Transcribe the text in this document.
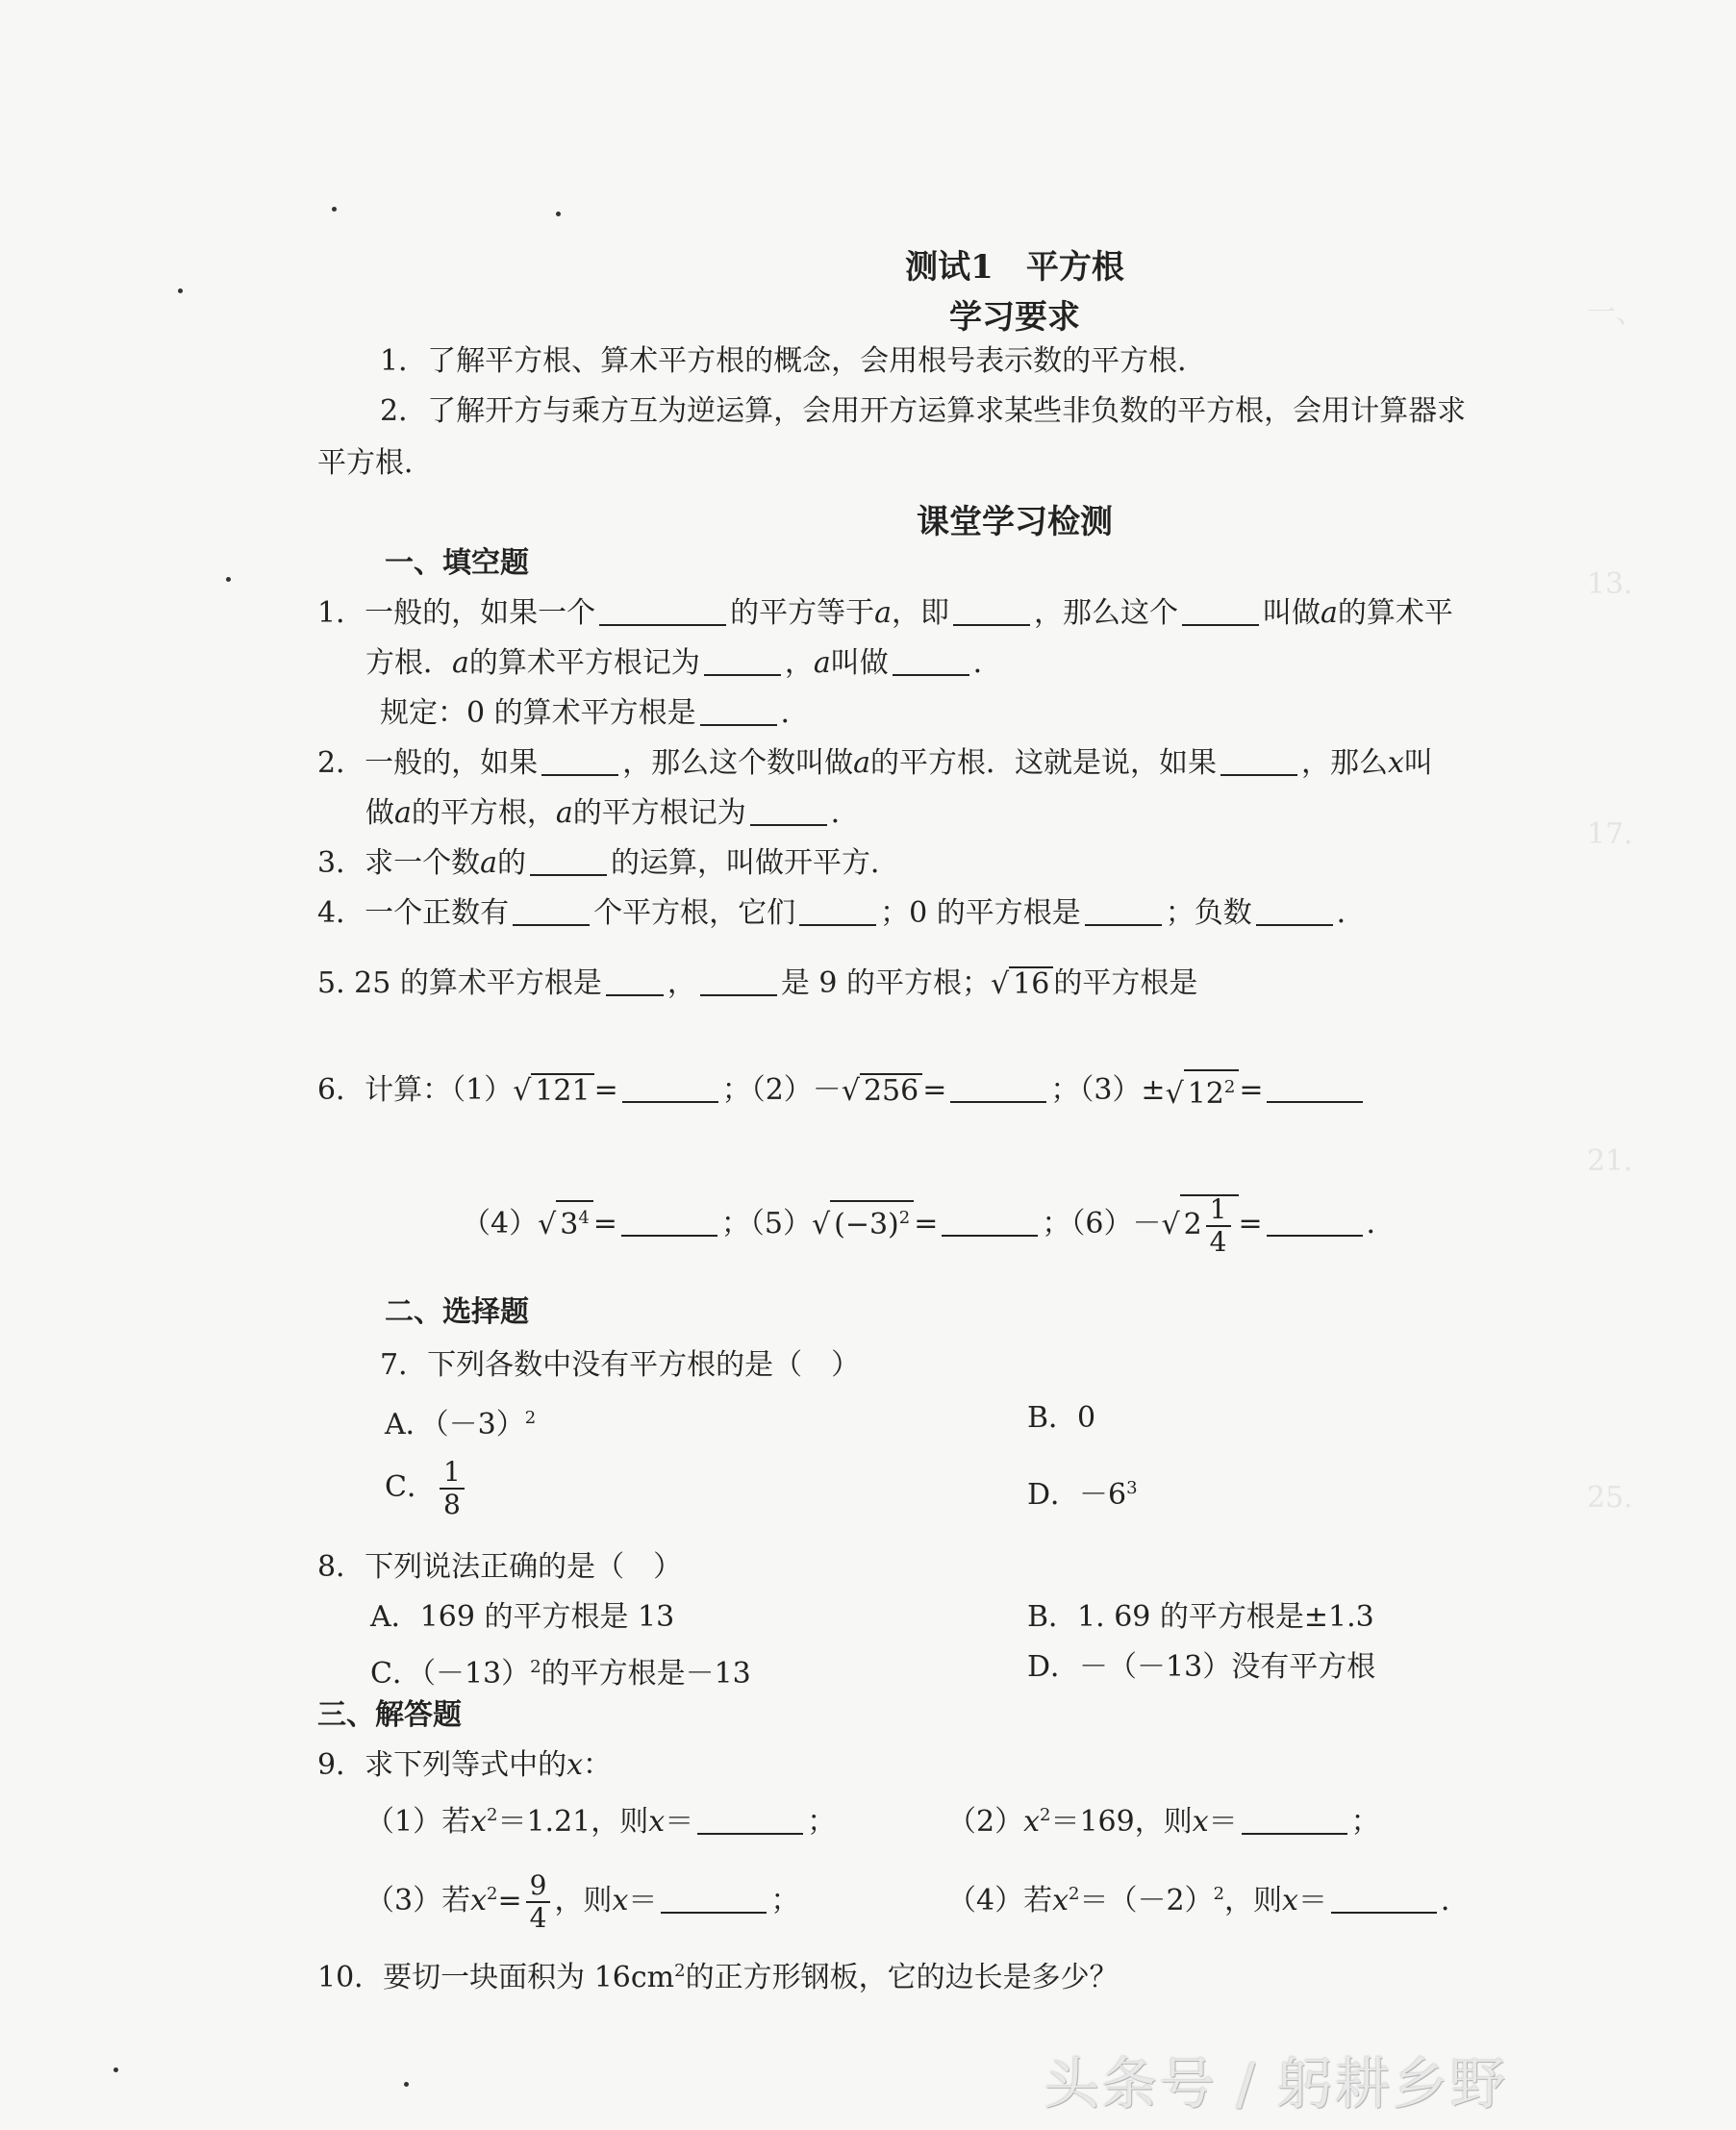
一、
13.
17.
21.
25.
测试1　平方根
学习要求
1．了解平方根、算术平方根的概念，会用根号表示数的平方根．
2．了解开方与乘方互为逆运算，会用开方运算求某些非负数的平方根，会用计算器求
平方根．
课堂学习检测
一、填空题
1．一般的，如果一个	的平方等于a，即	，那么这个	叫做a的算术平
方根．a的算术平方根记为	，a叫做	．
规定：0 的算术平方根是	．
2．一般的，如果	，那么这个数叫做a的平方根．这就是说，如果	，那么x叫
做a的平方根，a的平方根记为	．
3．求一个数a的	的运算，叫做开平方．
4．一个正数有	个平方根，它们	；0 的平方根是	；负数	．
5. 25 的算术平方根是 ，	是 9 的平方根；√ 16 的平方根是
6．计算：（1）√ 121 =	；（2）－√ 256 =	；（3）±√ $12^2$ =
（4）√ $3^4$ =	；（5）√ $(-3)^2$ =	；（6）－√ $2 \frac{1}{4}$ =	．
二、选择题
7．下列各数中没有平方根的是（　）
A．$(-3)^2$	B．0
C． $\frac{1}{8}$	D．$-6^3$
8．下列说法正确的是（　）
A．169 的平方根是 13	B．1. 69 的平方根是±1.3
C．$(-13)^2$的平方根是－13	D．－（－13）没有平方根
三、解答题
9．求下列等式中的x：
（1）若$x^2=1.21$，则x＝	；	$(2)x^2=169$，则x＝	；
（3）若$x^2= \frac{9}{4}$ ，则x＝	；	（4）若$x^2=(-2)^2$，则x＝	．
10．要切一块面积为 $16cm^2$的正方形钢板，它的边长是多少？
头条号 / 躬耕乡野
